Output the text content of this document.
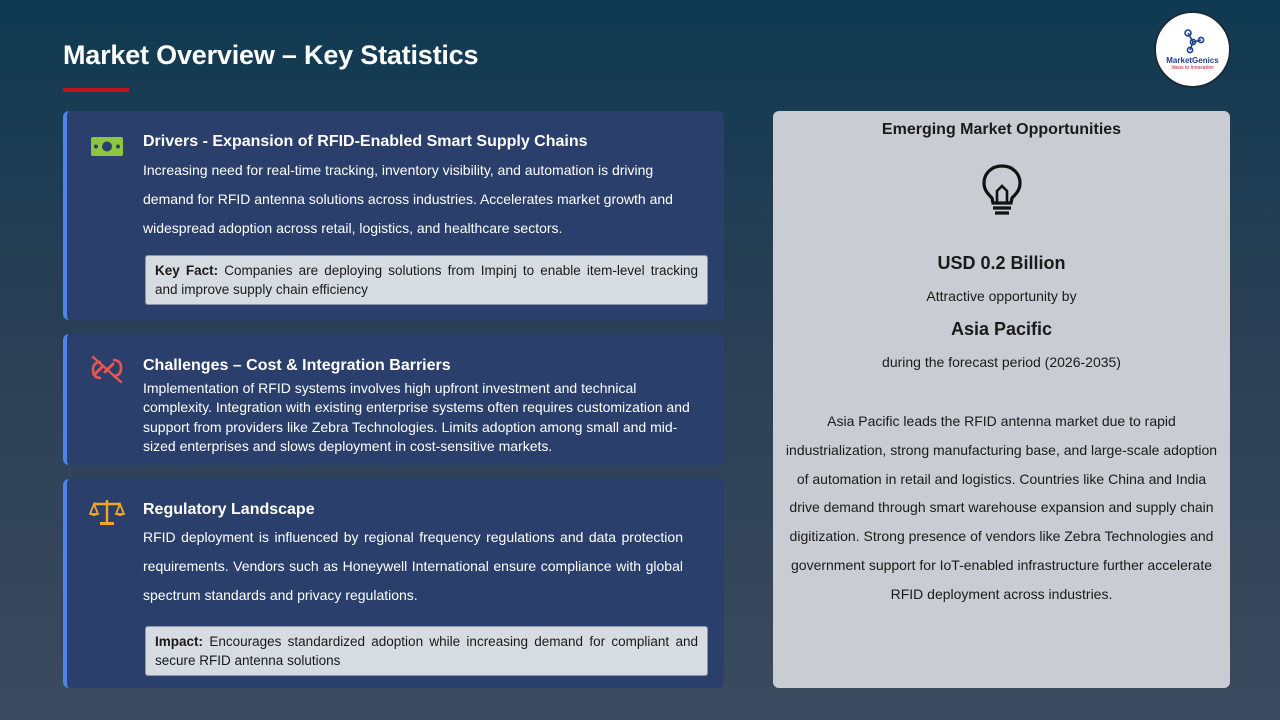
Market Overview – Key Statistics	MarketGenics
Ideas to Innovation
Drivers - Expansion of RFID-Enabled Smart Supply Chains
Increasing need for real-time tracking, inventory visibility, and automation is driving demand for RFID antenna solutions across industries. Accelerates market growth and widespread adoption across retail, logistics, and healthcare sectors.
Key Fact: Companies are deploying solutions from Impinj to enable item-level tracking and improve supply chain efficiency
Challenges – Cost & Integration Barriers
Implementation of RFID systems involves high upfront investment and technical complexity. Integration with existing enterprise systems often requires customization and support from providers like Zebra Technologies. Limits adoption among small and mid-sized enterprises and slows deployment in cost-sensitive markets.
Regulatory Landscape
RFID deployment is influenced by regional frequency regulations and data protection requirements. Vendors such as Honeywell International ensure compliance with global spectrum standards and privacy regulations.
Impact: Encourages standardized adoption while increasing demand for compliant and secure RFID antenna solutions
Emerging Market Opportunities
USD 0.2 Billion
Attractive opportunity by
Asia Pacific
during the forecast period (2026-2035)
Asia Pacific leads the RFID antenna market due to rapid industrialization, strong manufacturing base, and large-scale adoption of automation in retail and logistics. Countries like China and India drive demand through smart warehouse expansion and supply chain digitization. Strong presence of vendors like Zebra Technologies and government support for IoT-enabled infrastructure further accelerate RFID deployment across industries.
